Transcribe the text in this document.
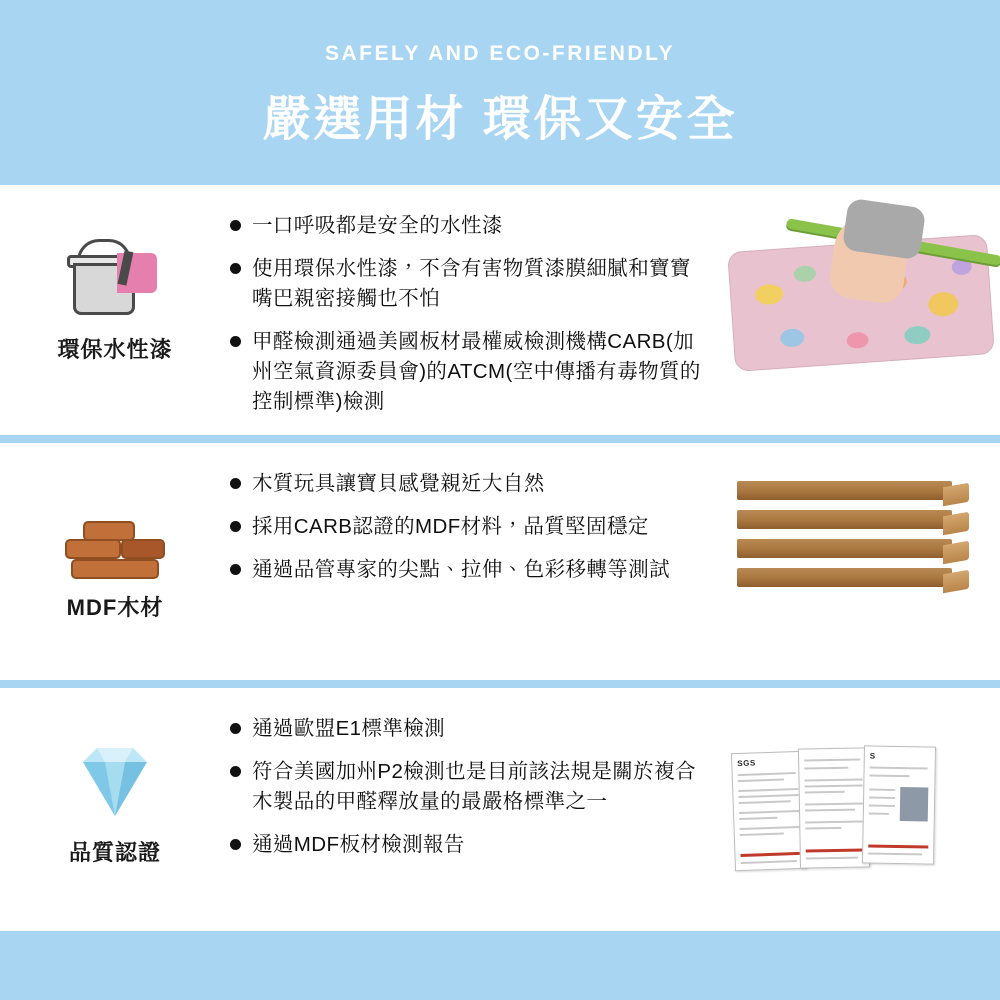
SAFELY AND ECO-FRIENDLY
嚴選用材 環保又安全
環保水性漆
一口呼吸都是安全的水性漆
使用環保水性漆，不含有害物質漆膜細膩和寶寶嘴巴親密接觸也不怕
甲醛檢測通過美國板材最權威檢測機構CARB(加州空氣資源委員會)的ATCM(空中傳播有毒物質的控制標準)檢測
MDF木材
木質玩具讓寶貝感覺親近大自然
採用CARB認證的MDF材料，品質堅固穩定
通過品管專家的尖點、拉伸、色彩移轉等測試
品質認證
通過歐盟E1標準檢測
符合美國加州P2檢測也是目前該法規是關於複合木製品的甲醛釋放量的最嚴格標準之一
通過MDF板材檢測報告
SGS
S
